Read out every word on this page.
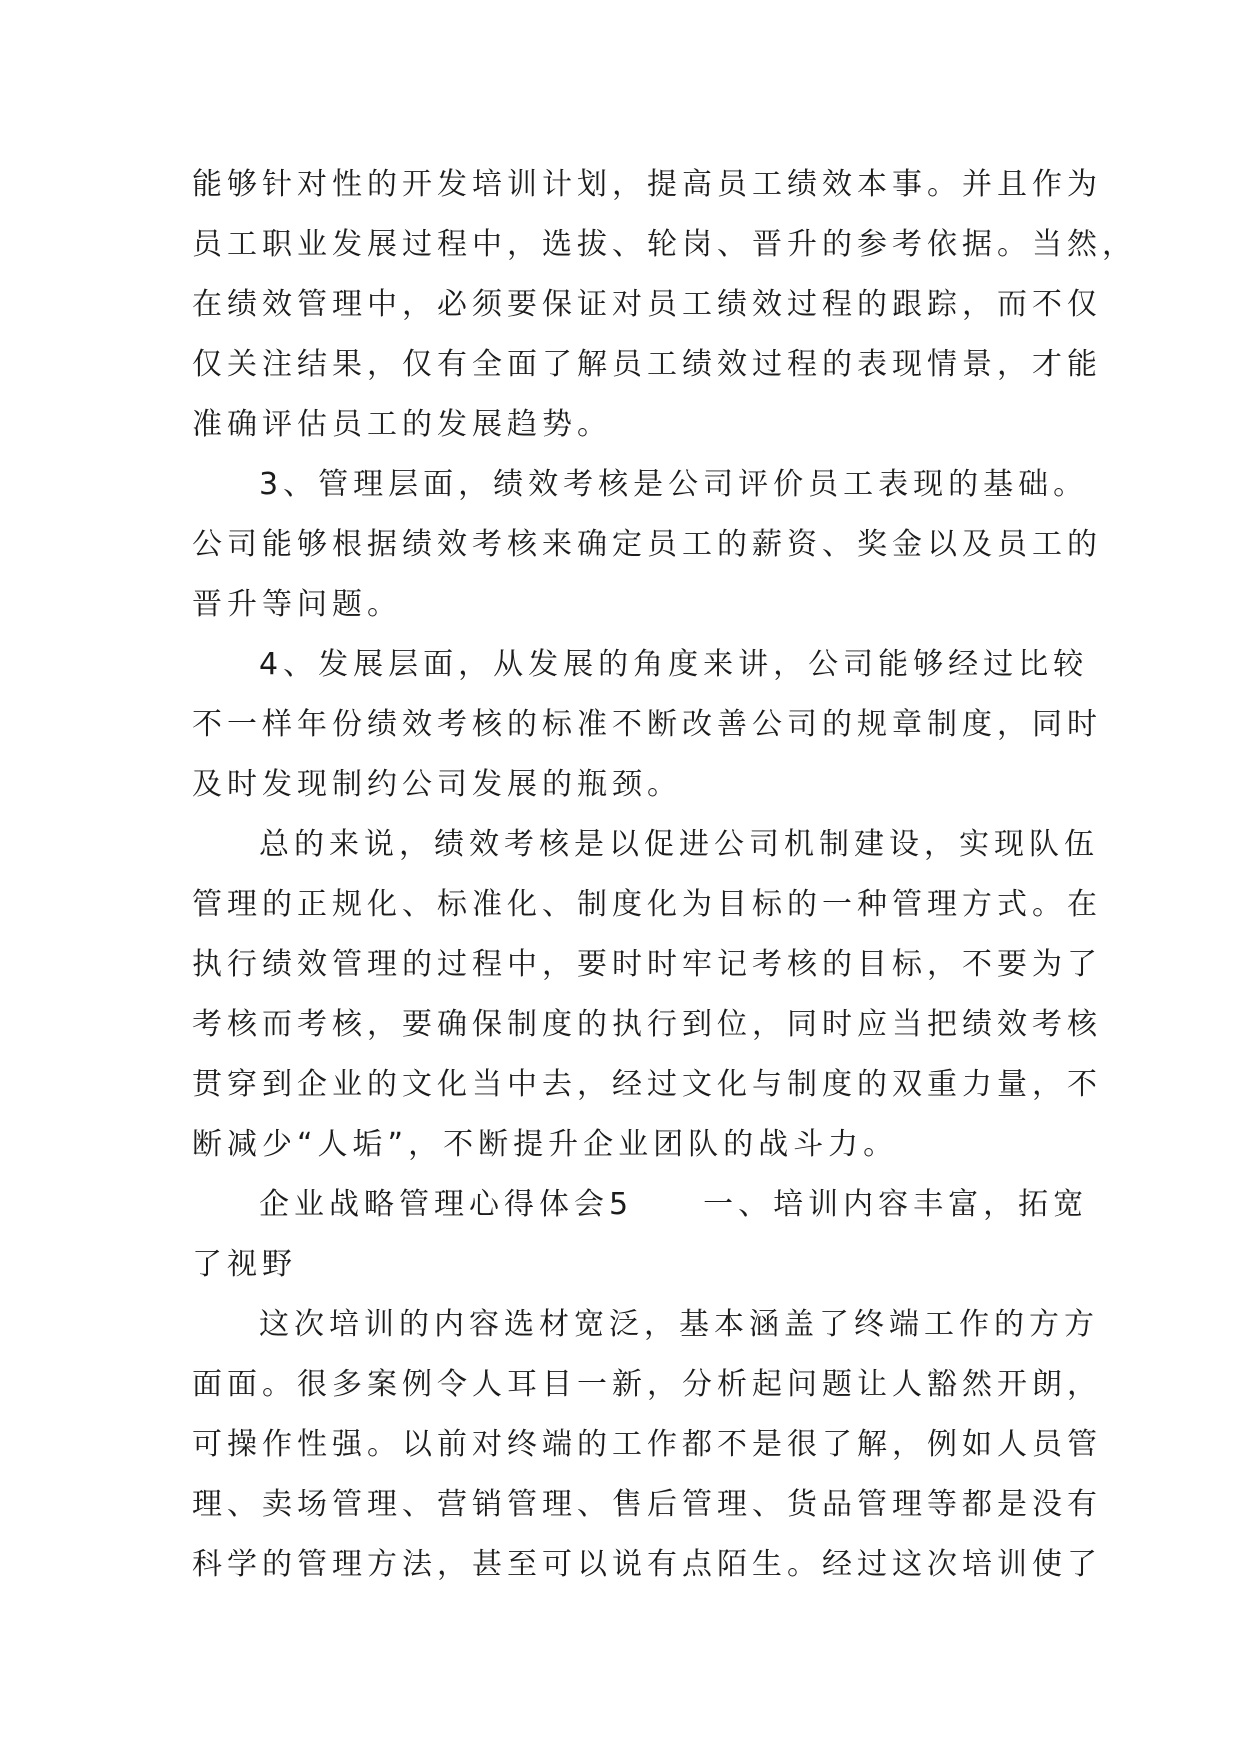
能够针对性的开发培训计划，提高员工绩效本事。并且作为
员工职业发展过程中，选拔、轮岗、晋升的参考依据。当然，
在绩效管理中，必须要保证对员工绩效过程的跟踪，而不仅
仅关注结果，仅有全面了解员工绩效过程的表现情景，才能
准确评估员工的发展趋势。
3、管理层面，绩效考核是公司评价员工表现的基础。
公司能够根据绩效考核来确定员工的薪资、奖金以及员工的
晋升等问题。
4、发展层面，从发展的角度来讲，公司能够经过比较
不一样年份绩效考核的标准不断改善公司的规章制度，同时
及时发现制约公司发展的瓶颈。
总的来说，绩效考核是以促进公司机制建设，实现队伍
管理的正规化、标准化、制度化为目标的一种管理方式。在
执行绩效管理的过程中，要时时牢记考核的目标，不要为了
考核而考核，要确保制度的执行到位，同时应当把绩效考核
贯穿到企业的文化当中去，经过文化与制度的双重力量，不
断减少“人垢”，不断提升企业团队的战斗力。
企业战略管理心得体会5 一、培训内容丰富，拓宽
了视野
这次培训的内容选材宽泛，基本涵盖了终端工作的方方
面面。很多案例令人耳目一新，分析起问题让人豁然开朗，
可操作性强。以前对终端的工作都不是很了解，例如人员管
理、卖场管理、营销管理、售后管理、货品管理等都是没有
科学的管理方法，甚至可以说有点陌生。经过这次培训使了
